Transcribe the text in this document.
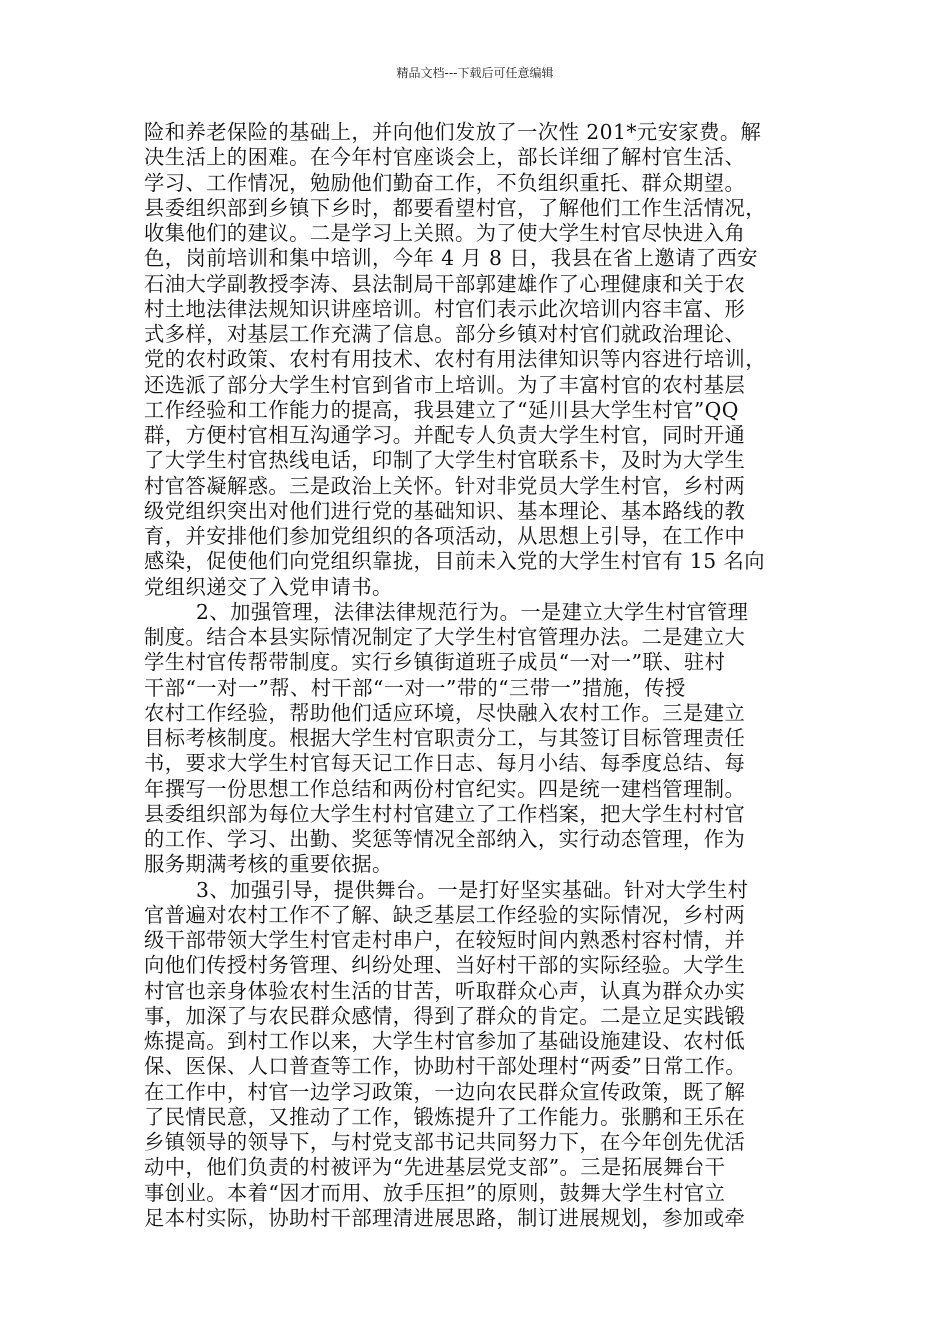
精品文档---下载后可任意编辑
险和养老保险的基础上，并向他们发放了一次性 201*元安家费。解
决生活上的困难。在今年村官座谈会上，部长详细了解村官生活、
学习、工作情况，勉励他们勤奋工作，不负组织重托、群众期望。
县委组织部到乡镇下乡时，都要看望村官，了解他们工作生活情况，
收集他们的建议。二是学习上关照。为了使大学生村官尽快进入角
色，岗前培训和集中培训，今年 4 月 8 日，我县在省上邀请了西安
石油大学副教授李涛、县法制局干部郭建雄作了心理健康和关于农
村土地法律法规知识讲座培训。村官们表示此次培训内容丰富、形
式多样，对基层工作充满了信息。部分乡镇对村官们就政治理论、
党的农村政策、农村有用技术、农村有用法律知识等内容进行培训，
还选派了部分大学生村官到省市上培训。为了丰富村官的农村基层
工作经验和工作能力的提高，我县建立了“延川县大学生村官”QQ
群，方便村官相互沟通学习。并配专人负责大学生村官，同时开通
了大学生村官热线电话，印制了大学生村官联系卡，及时为大学生
村官答凝解惑。三是政治上关怀。针对非党员大学生村官，乡村两
级党组织突出对他们进行党的基础知识、基本理论、基本路线的教
育，并安排他们参加党组织的各项活动，从思想上引导，在工作中
感染，促使他们向党组织靠拢，目前未入党的大学生村官有 15 名向
党组织递交了入党申请书。
2、加强管理，法律法律规范行为。一是建立大学生村官管理
制度。结合本县实际情况制定了大学生村官管理办法。二是建立大
学生村官传帮带制度。实行乡镇街道班子成员“一对一”联、驻村
干部“一对一”帮、村干部“一对一”带的“三带一”措施，传授
农村工作经验，帮助他们适应环境，尽快融入农村工作。三是建立
目标考核制度。根据大学生村官职责分工，与其签订目标管理责任
书，要求大学生村官每天记工作日志、每月小结、每季度总结、每
年撰写一份思想工作总结和两份村官纪实。四是统一建档管理制。
县委组织部为每位大学生村村官建立了工作档案，把大学生村村官
的工作、学习、出勤、奖惩等情况全部纳入，实行动态管理，作为
服务期满考核的重要依据。
3、加强引导，提供舞台。一是打好坚实基础。针对大学生村
官普遍对农村工作不了解、缺乏基层工作经验的实际情况，乡村两
级干部带领大学生村官走村串户，在较短时间内熟悉村容村情，并
向他们传授村务管理、纠纷处理、当好村干部的实际经验。大学生
村官也亲身体验农村生活的甘苦，听取群众心声，认真为群众办实
事，加深了与农民群众感情，得到了群众的肯定。二是立足实践锻
炼提高。到村工作以来，大学生村官参加了基础设施建设、农村低
保、医保、人口普查等工作，协助村干部处理村“两委”日常工作。
在工作中，村官一边学习政策，一边向农民群众宣传政策，既了解
了民情民意，又推动了工作，锻炼提升了工作能力。张鹏和王乐在
乡镇领导的领导下，与村党支部书记共同努力下，在今年创先优活
动中，他们负责的村被评为“先进基层党支部”。三是拓展舞台干
事创业。本着“因才而用、放手压担”的原则，鼓舞大学生村官立
足本村实际，协助村干部理清进展思路，制订进展规划，参加或牵
